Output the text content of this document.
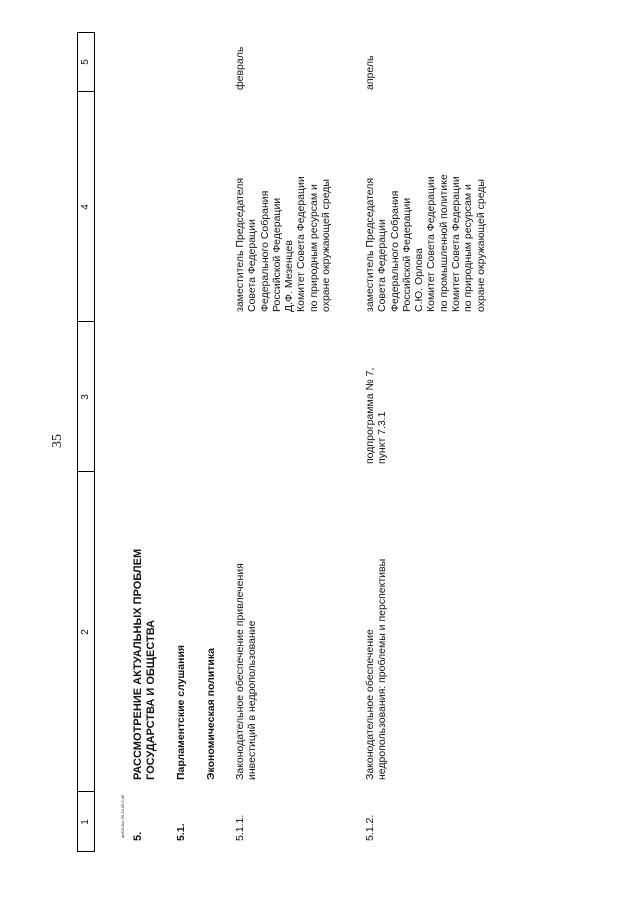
35
do/03.doc 29.12.05 6:45
1
2
3
4
5
5.
РАССМОТРЕНИЕ АКТУАЛЬНЫХ ПРОБЛЕМ ГОСУДАРСТВА И ОБЩЕСТВА
5.1.
Парламентские слушания Экономическая политика
5.1.1.
Законодательное обеспечение привлечения инвестиций в недропользование
заместитель Председателя Совета Федерации Федерального Собрания Российской Федерации Д.Ф. Мезенцев Комитет Совета Федерации по природным ресурсам и охране окружающей среды
февраль
5.1.2.
Законодательное обеспечение недропользования: проблемы и перспективы
подпрограмма № 7, пункт 7.3.1
заместитель Председателя Совета Федерации Федерального Собрания Российской Федерации С.Ю. Орлова Комитет Совета Федерации по промышленной политике Комитет Совета Федерации по природным ресурсам и охране окружающей среды
апрель
